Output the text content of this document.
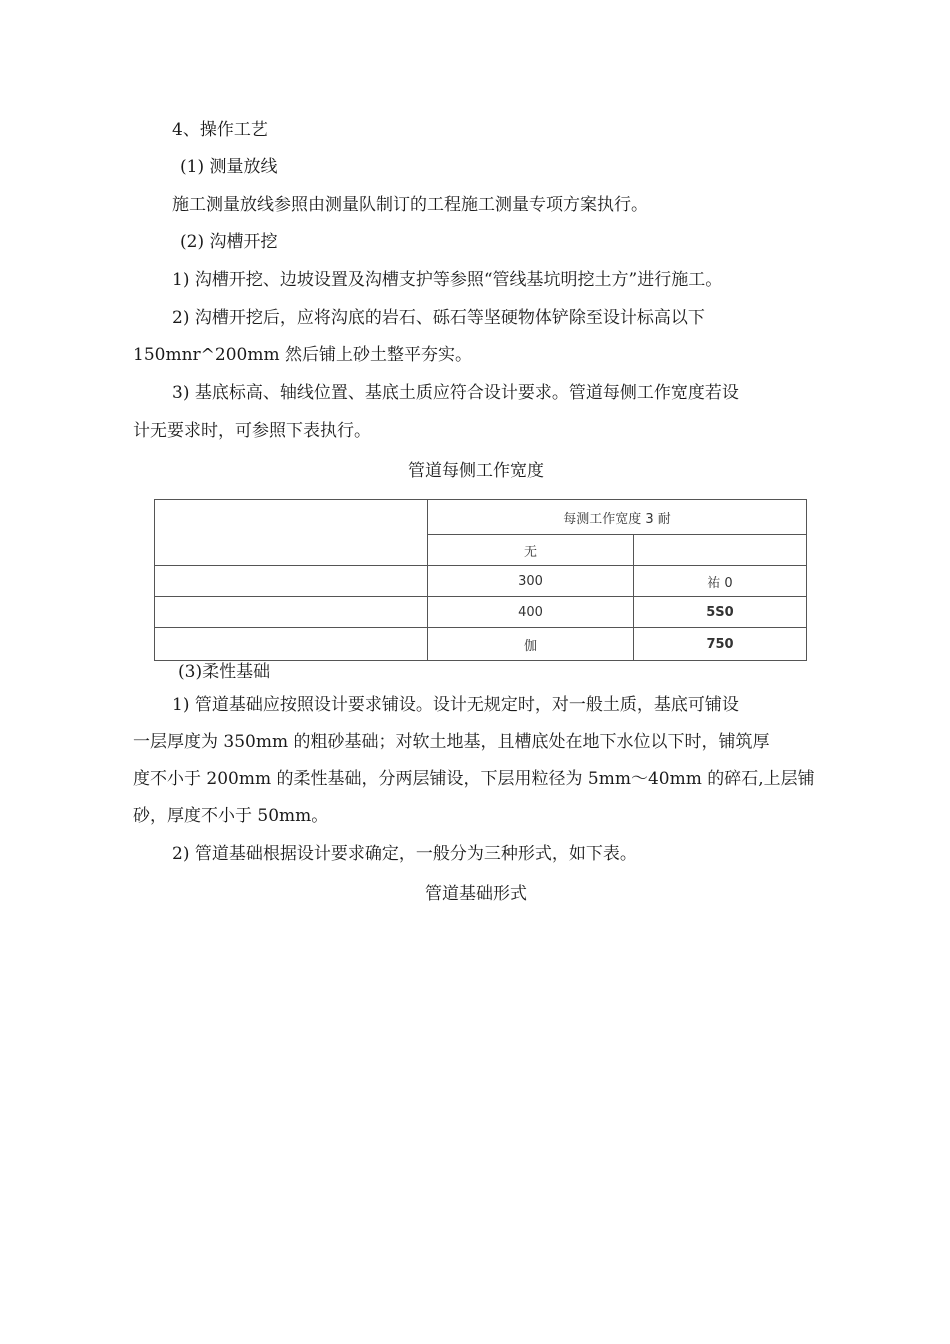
4、操作工艺
(1) 测量放线
施工测量放线参照由测量队制订的工程施工测量专项方案执行。
(2) 沟槽开挖
1) 沟槽开挖、边坡设置及沟槽支护等参照“管线基坑明挖土方”进行施工。
2) 沟槽开挖后，应将沟底的岩石、砾石等坚硬物体铲除至设计标高以下
150mnr^200mm 然后铺上砂土整平夯实。
3) 基底标高、轴线位置、基底土质应符合设计要求。管道每侧工作宽度若设
计无要求时，可参照下表执行。
管道每侧工作宽度
	每测工作宽度 3 耐	
	无	
	300	祐 0
	400	5S0
	伽	750
(3)柔性基础
1) 管道基础应按照设计要求铺设。设计无规定时，对一般土质，基底可铺设
一层厚度为 350mm 的粗砂基础；对软土地基，且槽底处在地下水位以下时，铺筑厚
度不小于 200mm 的柔性基础，分两层铺设，下层用粒径为 5mm〜40mm 的碎石,上层铺
砂，厚度不小于 50mm。
2) 管道基础根据设计要求确定，一般分为三种形式，如下表。
管道基础形式
